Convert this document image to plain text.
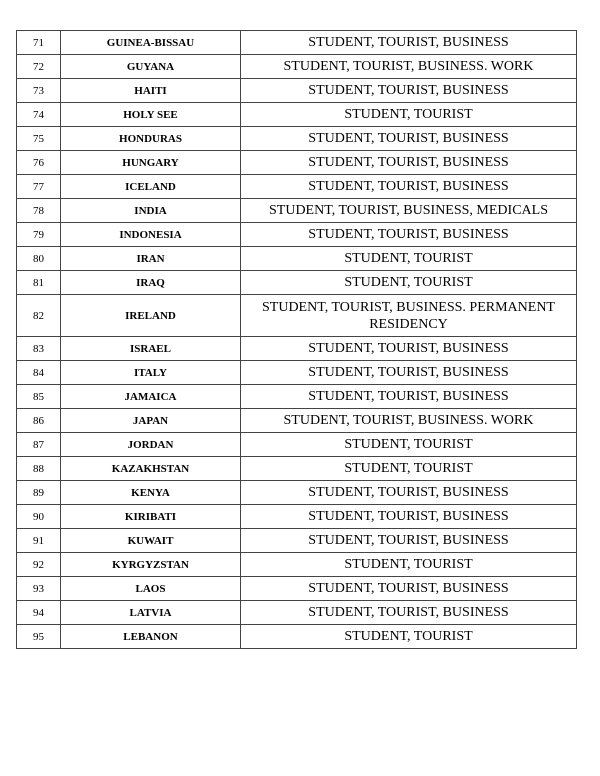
71	GUINEA-BISSAU	STUDENT, TOURIST, BUSINESS
72	GUYANA	STUDENT, TOURIST, BUSINESS. WORK
73	HAITI	STUDENT, TOURIST, BUSINESS
74	HOLY SEE	STUDENT, TOURIST
75	HONDURAS	STUDENT, TOURIST, BUSINESS
76	HUNGARY	STUDENT, TOURIST, BUSINESS
77	ICELAND	STUDENT, TOURIST, BUSINESS
78	INDIA	STUDENT, TOURIST, BUSINESS, MEDICALS
79	INDONESIA	STUDENT, TOURIST, BUSINESS
80	IRAN	STUDENT, TOURIST
81	IRAQ	STUDENT, TOURIST
82	IRELAND	STUDENT, TOURIST, BUSINESS. PERMANENT RESIDENCY
83	ISRAEL	STUDENT, TOURIST, BUSINESS
84	ITALY	STUDENT, TOURIST, BUSINESS
85	JAMAICA	STUDENT, TOURIST, BUSINESS
86	JAPAN	STUDENT, TOURIST, BUSINESS. WORK
87	JORDAN	STUDENT, TOURIST
88	KAZAKHSTAN	STUDENT, TOURIST
89	KENYA	STUDENT, TOURIST, BUSINESS
90	KIRIBATI	STUDENT, TOURIST, BUSINESS
91	KUWAIT	STUDENT, TOURIST, BUSINESS
92	KYRGYZSTAN	STUDENT, TOURIST
93	LAOS	STUDENT, TOURIST, BUSINESS
94	LATVIA	STUDENT, TOURIST, BUSINESS
95	LEBANON	STUDENT, TOURIST
